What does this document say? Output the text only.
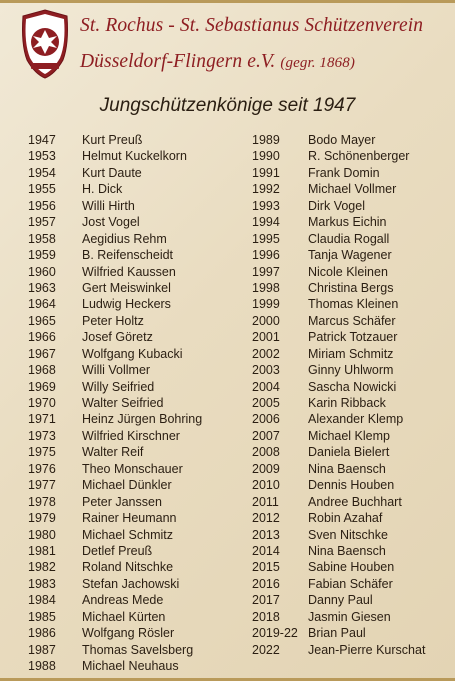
St. Rochus - St. Sebastianus Schützenverein
Düsseldorf-Flingern e.V. (gegr. 1868)
Jungschützenkönige seit 1947
1947 Kurt Preuß
1953 Helmut Kuckelkorn
1954 Kurt Daute
1955 H. Dick
1956 Willi Hirth
1957 Jost Vogel
1958 Aegidius Rehm
1959 B. Reifenscheidt
1960 Wilfried Kaussen
1963 Gert Meiswinkel
1964 Ludwig Heckers
1965 Peter Holtz
1966 Josef Göretz
1967 Wolfgang Kubacki
1968 Willi Vollmer
1969 Willy Seifried
1970 Walter Seifried
1971 Heinz Jürgen Bohring
1973 Wilfried Kirschner
1975 Walter Reif
1976 Theo Monschauer
1977 Michael Dünkler
1978 Peter Janssen
1979 Rainer Heumann
1980 Michael Schmitz
1981 Detlef Preuß
1982 Roland Nitschke
1983 Stefan Jachowski
1984 Andreas Mede
1985 Michael Kürten
1986 Wolfgang Rösler
1987 Thomas Savelsberg
1988 Michael Neuhaus
1989 Bodo Mayer
1990 R. Schönenberger
1991 Frank Domin
1992 Michael Vollmer
1993 Dirk Vogel
1994 Markus Eichin
1995 Claudia Rogall
1996 Tanja Wagener
1997 Nicole Kleinen
1998 Christina Bergs
1999 Thomas Kleinen
2000 Marcus Schäfer
2001 Patrick Totzauer
2002 Miriam Schmitz
2003 Ginny Uhlworm
2004 Sascha Nowicki
2005 Karin Ribback
2006 Alexander Klemp
2007 Michael Klemp
2008 Daniela Bielert
2009 Nina Baensch
2010 Dennis Houben
2011 Andree Buchhart
2012 Robin Azahaf
2013 Sven Nitschke
2014 Nina Baensch
2015 Sabine Houben
2016 Fabian Schäfer
2017 Danny Paul
2018 Jasmin Giesen
2019-22 Brian Paul
2022 Jean-Pierre Kurschat
